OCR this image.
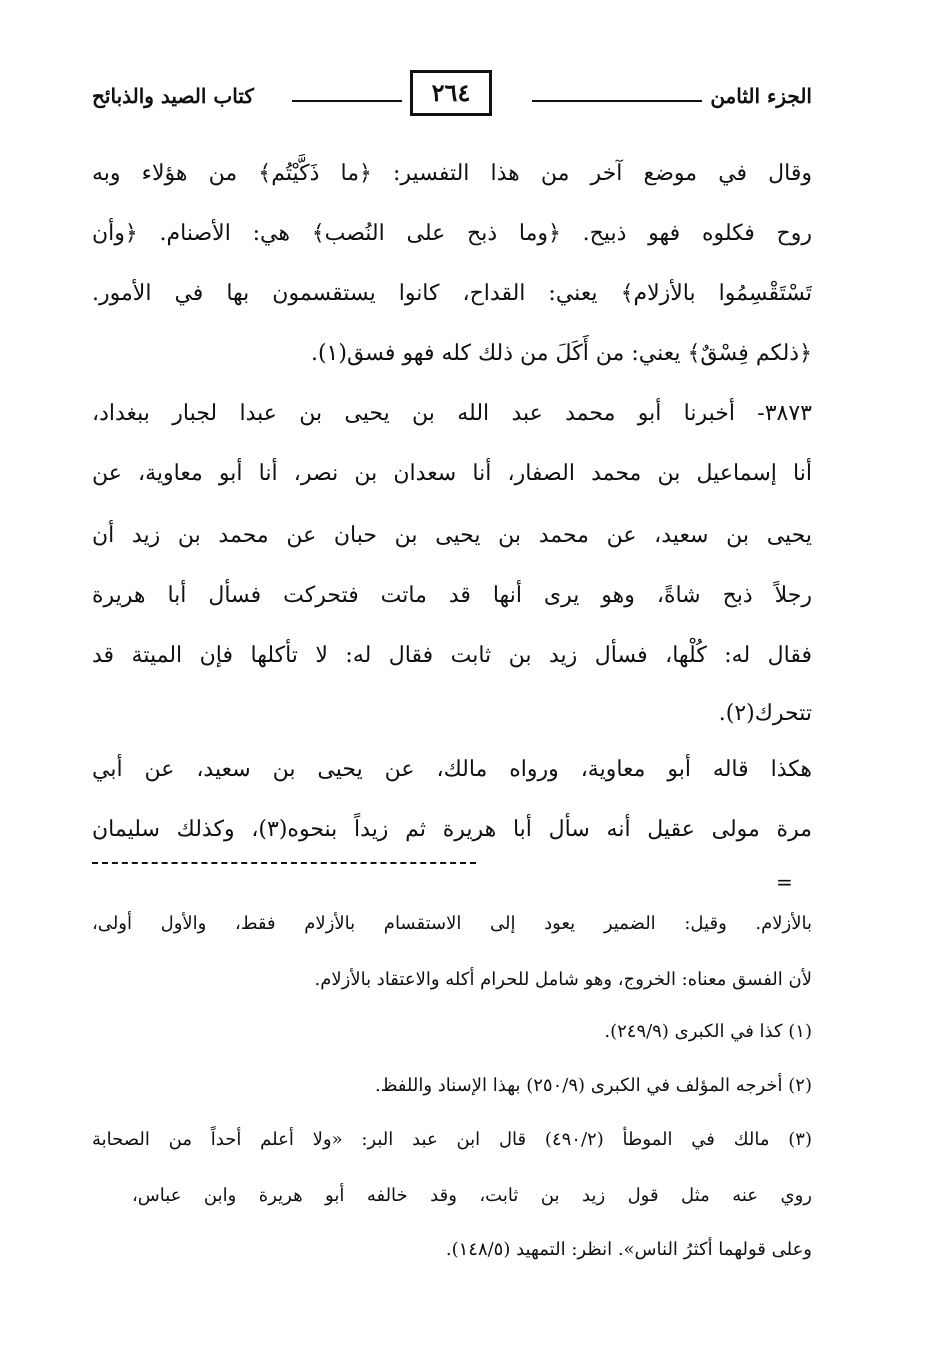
الجزء الثامن
٢٦٤
كتاب الصيد والذبائح
وقال في موضع آخر من هذا التفسير: ﴿ما ذَكَّيْتُم﴾ من هؤلاء وبه
روح فكلوه فهو ذبيح. ﴿وما ذبح على النُصب﴾ هي: الأصنام. ﴿وأن
تَسْتَقْسِمُوا بالأزلام﴾ يعني: القداح، كانوا يستقسمون بها في الأمور.
﴿ذلكم فِسْقٌ﴾ يعني: من أَكَلَ من ذلك كله فهو فسق(١).
٣٨٧٣- أخبرنا أبو محمد عبد الله بن يحيى بن عبدا لجبار ببغداد،
أنا إسماعيل بن محمد الصفار، أنا سعدان بن نصر، أنا أبو معاوية، عن
يحيى بن سعيد، عن محمد بن يحيى بن حبان عن محمد بن زيد أن
رجلاً ذبح شاةً، وهو يرى أنها قد ماتت فتحركت فسأل أبا هريرة
فقال له: كُلْها، فسأل زيد بن ثابت فقال له: لا تأكلها فإن الميتة قد
تتحرك(٢).
هكذا قاله أبو معاوية، ورواه مالك، عن يحيى بن سعيد، عن أبي
مرة مولى عقيل أنه سأل أبا هريرة ثم زيداً بنحوه(٣)، وكذلك سليمان
=
بالأزلام. وقيل: الضمير يعود إلى الاستقسام بالأزلام فقط، والأول أولى،
لأن الفسق معناه: الخروج، وهو شامل للحرام أكله والاعتقاد بالأزلام.
(١) كذا في الكبرى (٢٤٩/٩).
(٢) أخرجه المؤلف في الكبرى (٢٥٠/٩) بهذا الإسناد واللفظ.
(٣) مالك في الموطأ (٤٩٠/٢) قال ابن عبد البر: «ولا أعلم أحداً من الصحابة
روي عنه مثل قول زيد بن ثابت، وقد خالفه أبو هريرة وابن عباس،
وعلى قولهما أكثرُ الناس». انظر: التمهيد (١٤٨/٥).
